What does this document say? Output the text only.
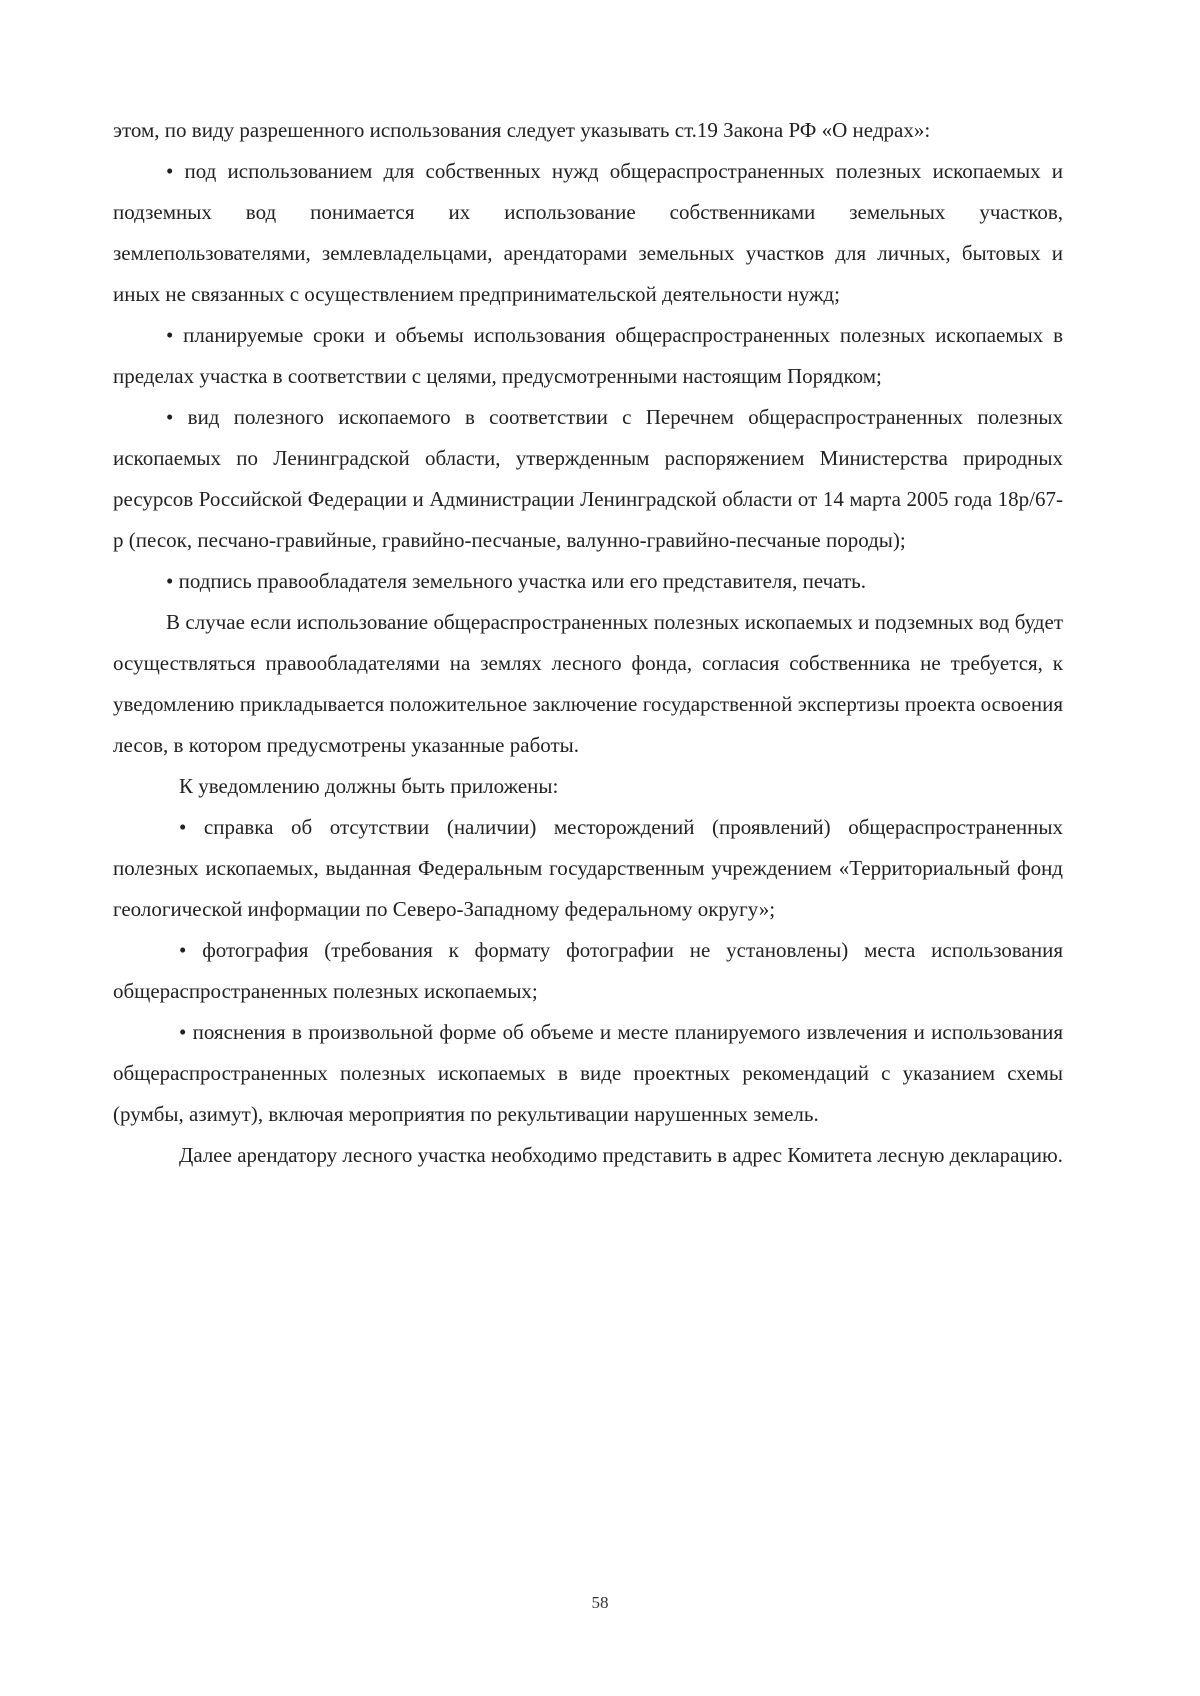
этом, по виду разрешенного использования следует указывать ст.19 Закона РФ «О недрах»:

• под использованием для собственных нужд общераспространенных полезных ископаемых и подземных вод понимается их использование собственниками земельных участков, землепользователями, землевладельцами, арендаторами земельных участков для личных, бытовых и иных не связанных с осуществлением предпринимательской деятельности нужд;

• планируемые сроки и объемы использования общераспространенных полезных ископаемых в пределах участка в соответствии с целями, предусмотренными настоящим Порядком;

• вид полезного ископаемого в соответствии с Перечнем общераспространенных полезных ископаемых по Ленинградской области, утвержденным распоряжением Министерства природных ресурсов Российской Федерации и Администрации Ленинградской области от 14 марта 2005 года 18р/67-р (песок, песчано-гравийные, гравийно-песчаные, валунно-гравийно-песчаные породы);

• подпись правообладателя земельного участка или его представителя, печать.

В случае если использование общераспространенных полезных ископаемых и подземных вод будет осуществляться правообладателями на землях лесного фонда, согласия собственника не требуется, к уведомлению прикладывается положительное заключение государственной экспертизы проекта освоения лесов, в котором предусмотрены указанные работы.

К уведомлению должны быть приложены:

• справка об отсутствии (наличии) месторождений (проявлений) общераспространенных полезных ископаемых, выданная Федеральным государственным учреждением «Территориальный фонд геологической информации по Северо-Западному федеральному округу»;

• фотография (требования к формату фотографии не установлены) места использования общераспространенных полезных ископаемых;

• пояснения в произвольной форме об объеме и месте планируемого извлечения и использования общераспространенных полезных ископаемых в виде проектных рекомендаций с указанием схемы (румбы, азимут), включая мероприятия по рекультивации нарушенных земель.

Далее арендатору лесного участка необходимо представить в адрес Комитета лесную декларацию.

58
